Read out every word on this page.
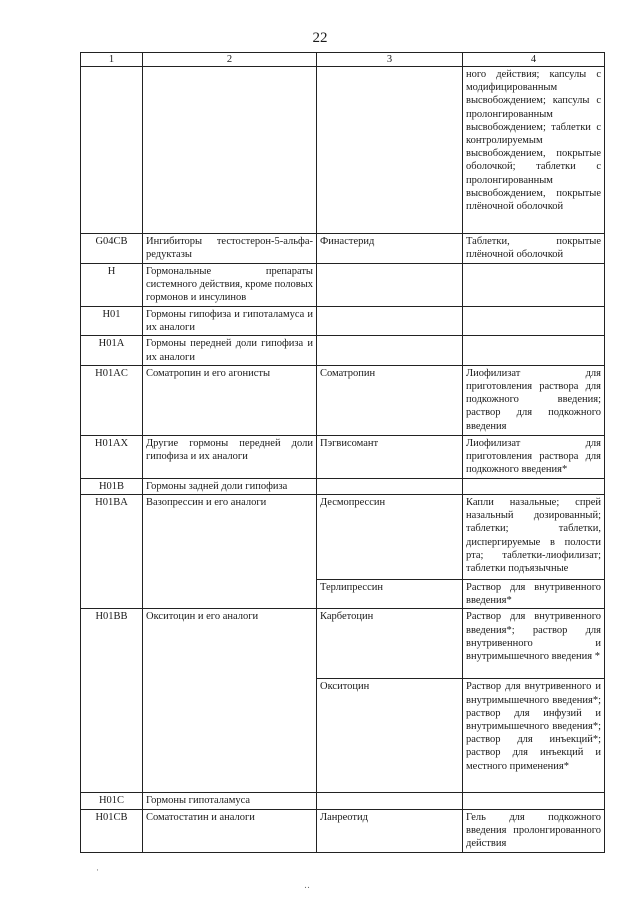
22
1	2	3	4
			ного действия; капсулы с модифицированным высвобождением; капсулы с пролонгированным высвобождением; таблетки с контролируемым высвобождением, покрытые оболочкой; таблетки с пролонгированным высвобождением, покрытые плёночной оболочкой
G04CB	Ингибиторы тестостерон-5-альфа-редуктазы	Финастерид	Таблетки, покрытые плёночной оболочкой
H	Гормональные препараты системного действия, кроме половых гормонов и инсулинов		
H01	Гормоны гипофиза и гипоталамуса и их аналоги		
H01A	Гормоны передней доли гипофиза и их аналоги		
H01AC	Соматропин и его агонисты	Соматропин	Лиофилизат для приготовления раствора для подкожного введения; раствор для подкожного введения
H01AX	Другие гормоны передней доли гипофиза и их аналоги	Пэгвисомант	Лиофилизат для приготовления раствора для подкожного введения*
H01B	Гормоны задней доли гипофиза		
H01BA	Вазопрессин и его аналоги	Десмопрессин	Капли назальные; спрей назальный дозированный; таблетки; таблетки, диспергируемые в полости рта; таблетки-лиофилизат; таблетки подъязычные
		Терлипрессин	Раствор для внутривенного введения*
H01BB	Окситоцин и его аналоги	Карбетоцин	Раствор для внутривенного введения*; раствор для внутривенного и внутримышечного введения *
		Окситоцин	Раствор для внутривенного и внутримышечного введения*; раствор для инфузий и внутримышечного введения*; раствор для инъекций*; раствор для инъекций и местного применения*
H01C	Гормоны гипоталамуса		
H01CB	Соматостатин и аналоги	Ланреотид	Гель для подкожного введения пролонгированного действия
·
‥
